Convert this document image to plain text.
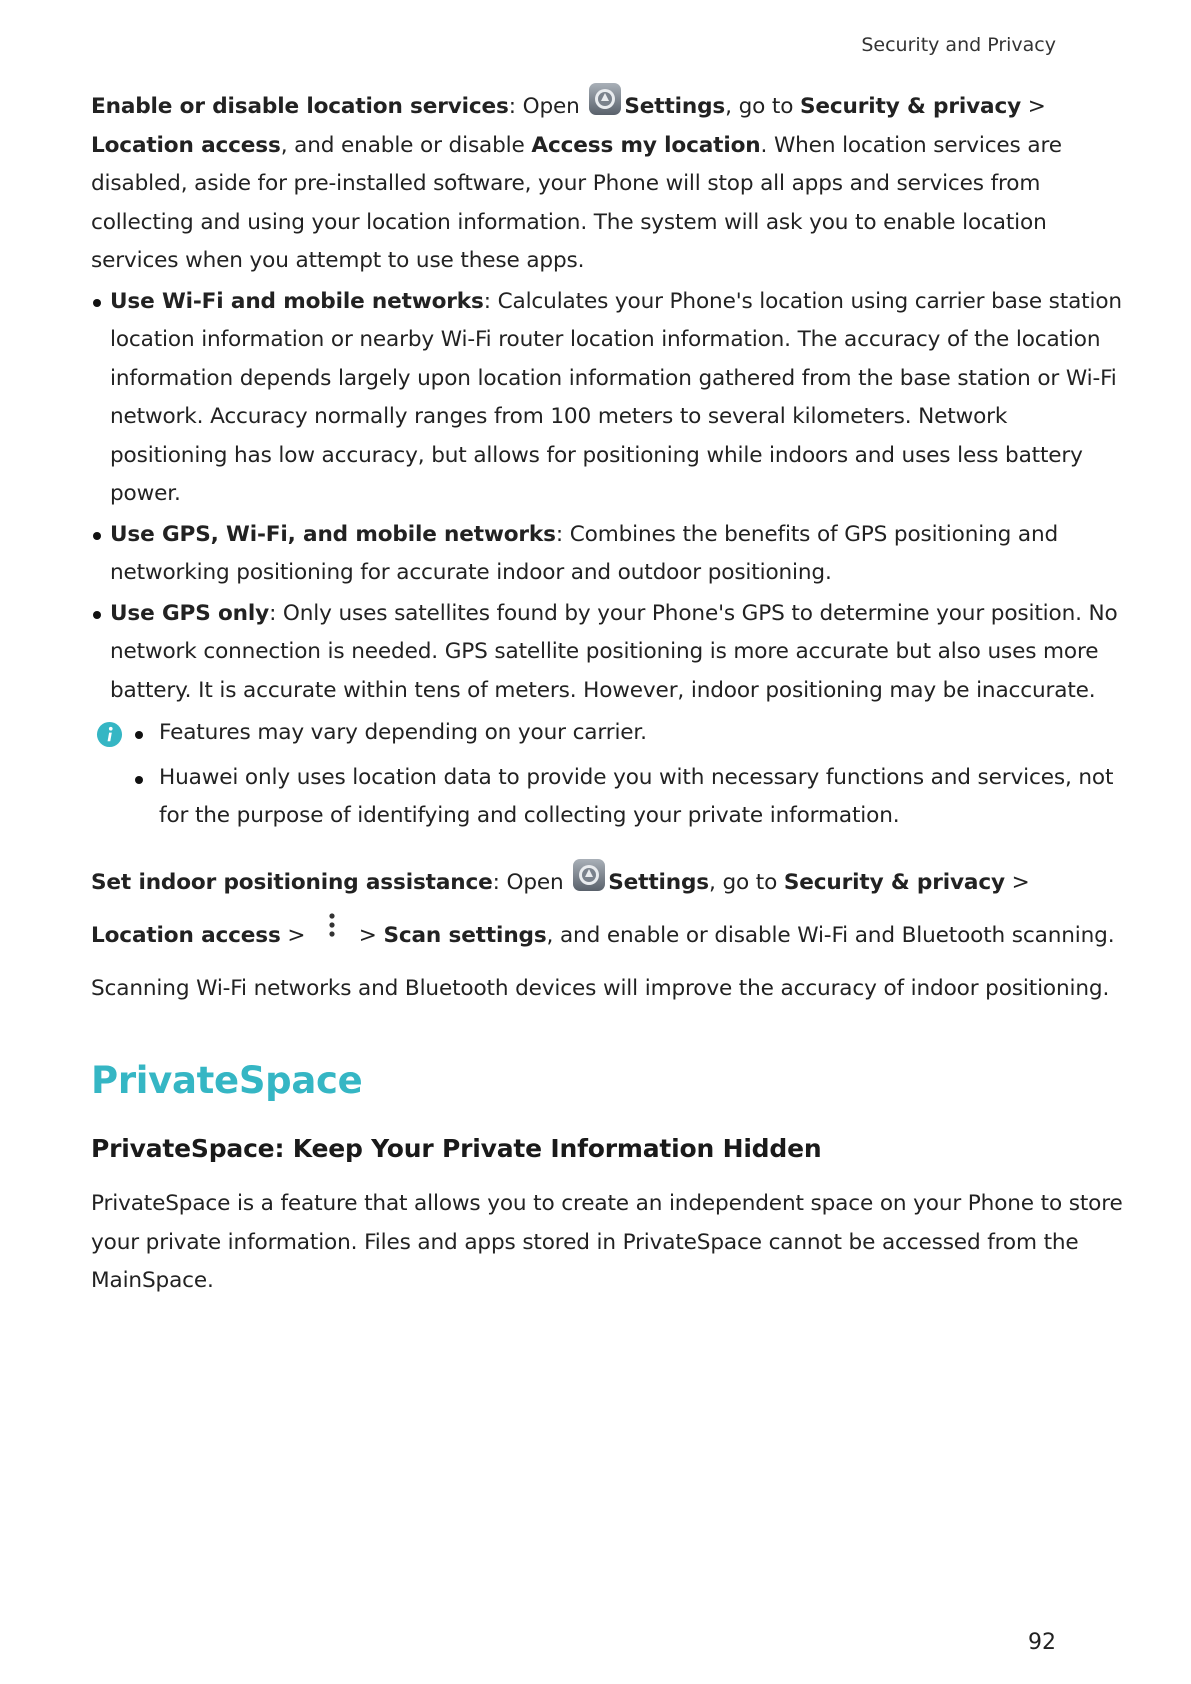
Security and Privacy

Enable or disable location services: Open Settings, go to Security & privacy > Location access, and enable or disable Access my location. When location services are disabled, aside for pre-installed software, your Phone will stop all apps and services from collecting and using your location information. The system will ask you to enable location services when you attempt to use these apps.

Use Wi-Fi and mobile networks: Calculates your Phone's location using carrier base station location information or nearby Wi-Fi router location information. The accuracy of the location information depends largely upon location information gathered from the base station or Wi-Fi network. Accuracy normally ranges from 100 meters to several kilometers. Network positioning has low accuracy, but allows for positioning while indoors and uses less battery power.
Use GPS, Wi-Fi, and mobile networks: Combines the benefits of GPS positioning and networking positioning for accurate indoor and outdoor positioning.
Use GPS only: Only uses satellites found by your Phone's GPS to determine your position. No network connection is needed. GPS satellite positioning is more accurate but also uses more battery. It is accurate within tens of meters. However, indoor positioning may be inaccurate.
Features may vary depending on your carrier.
Huawei only uses location data to provide you with necessary functions and services, not for the purpose of identifying and collecting your private information.

Set indoor positioning assistance: Open Settings, go to Security & privacy > Location access >  > Scan settings, and enable or disable Wi-Fi and Bluetooth scanning. Scanning Wi-Fi networks and Bluetooth devices will improve the accuracy of indoor positioning.

PrivateSpace
PrivateSpace: Keep Your Private Information Hidden

PrivateSpace is a feature that allows you to create an independent space on your Phone to store your private information. Files and apps stored in PrivateSpace cannot be accessed from the MainSpace.

92
